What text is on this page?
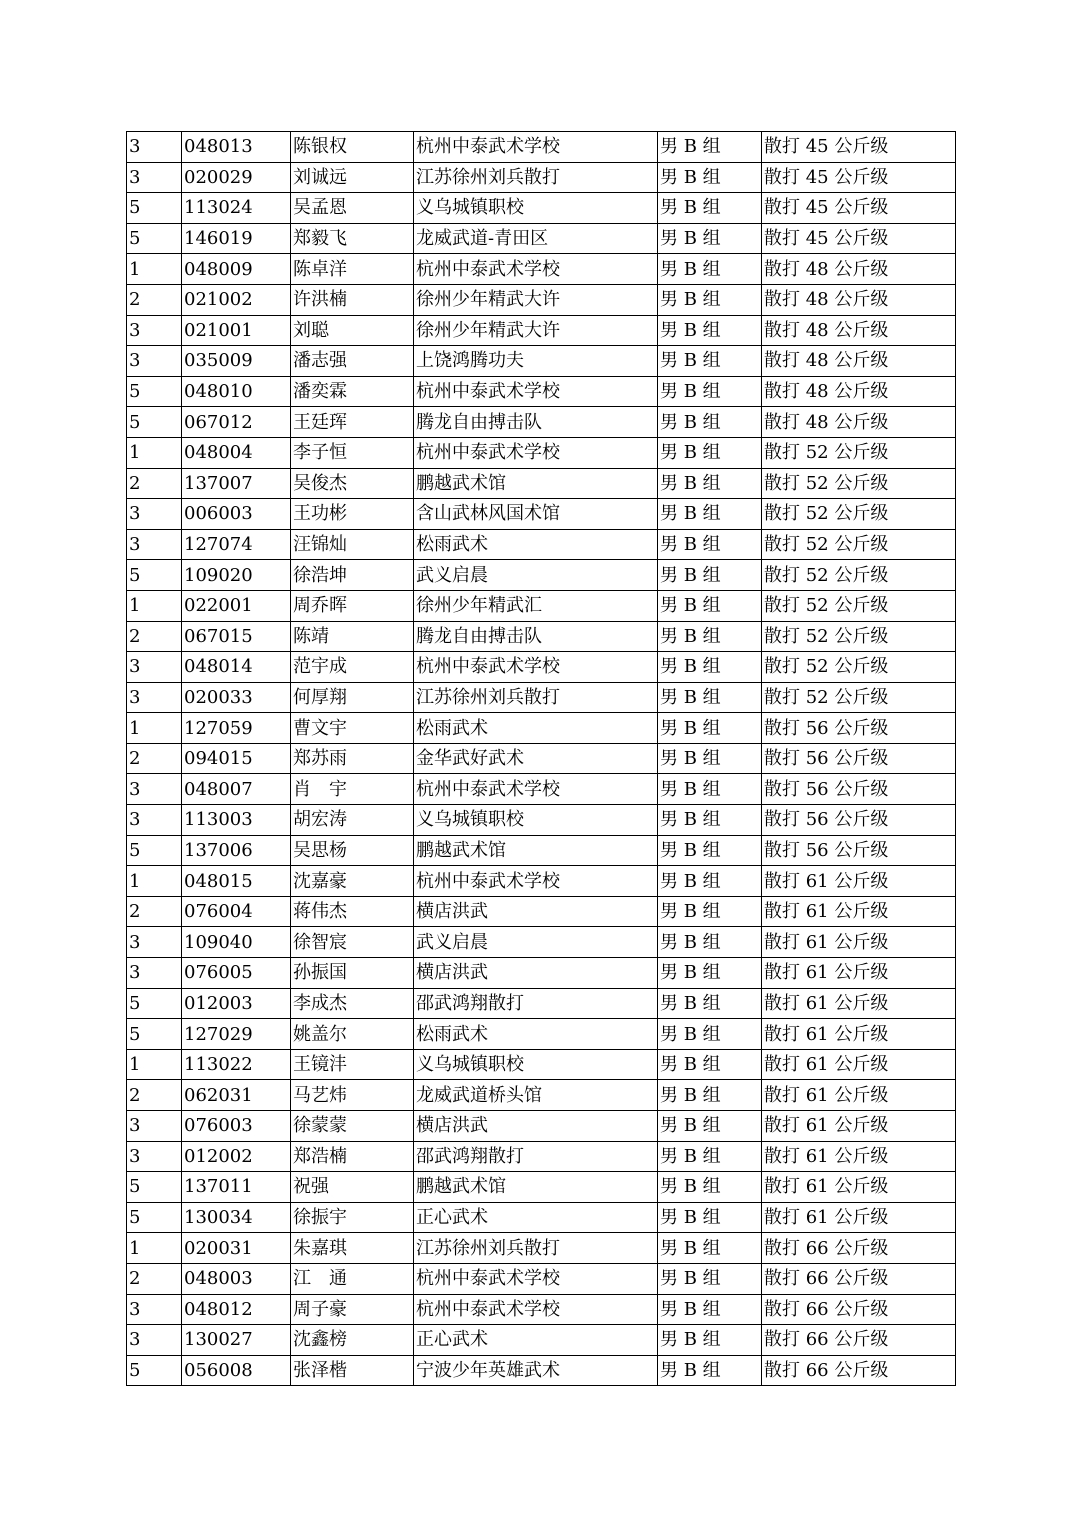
3	048013	陈银权	杭州中泰武术学校	男 B 组	散打 45 公斤级
3	020029	刘诚远	江苏徐州刘兵散打	男 B 组	散打 45 公斤级
5	113024	吴孟恩	义乌城镇职校	男 B 组	散打 45 公斤级
5	146019	郑毅飞	龙威武道-青田区	男 B 组	散打 45 公斤级
1	048009	陈卓洋	杭州中泰武术学校	男 B 组	散打 48 公斤级
2	021002	许洪楠	徐州少年精武大许	男 B 组	散打 48 公斤级
3	021001	刘聪	徐州少年精武大许	男 B 组	散打 48 公斤级
3	035009	潘志强	上饶鸿腾功夫	男 B 组	散打 48 公斤级
5	048010	潘奕霖	杭州中泰武术学校	男 B 组	散打 48 公斤级
5	067012	王廷珲	腾龙自由搏击队	男 B 组	散打 48 公斤级
1	048004	李子恒	杭州中泰武术学校	男 B 组	散打 52 公斤级
2	137007	吴俊杰	鹏越武术馆	男 B 组	散打 52 公斤级
3	006003	王功彬	含山武林风国术馆	男 B 组	散打 52 公斤级
3	127074	汪锦灿	松雨武术	男 B 组	散打 52 公斤级
5	109020	徐浩坤	武义启晨	男 B 组	散打 52 公斤级
1	022001	周乔晖	徐州少年精武汇	男 B 组	散打 52 公斤级
2	067015	陈靖	腾龙自由搏击队	男 B 组	散打 52 公斤级
3	048014	范宇成	杭州中泰武术学校	男 B 组	散打 52 公斤级
3	020033	何厚翔	江苏徐州刘兵散打	男 B 组	散打 52 公斤级
1	127059	曹文宇	松雨武术	男 B 组	散打 56 公斤级
2	094015	郑苏雨	金华武好武术	男 B 组	散打 56 公斤级
3	048007	肖　宇	杭州中泰武术学校	男 B 组	散打 56 公斤级
3	113003	胡宏涛	义乌城镇职校	男 B 组	散打 56 公斤级
5	137006	吴思杨	鹏越武术馆	男 B 组	散打 56 公斤级
1	048015	沈嘉豪	杭州中泰武术学校	男 B 组	散打 61 公斤级
2	076004	蒋伟杰	横店洪武	男 B 组	散打 61 公斤级
3	109040	徐智宸	武义启晨	男 B 组	散打 61 公斤级
3	076005	孙振国	横店洪武	男 B 组	散打 61 公斤级
5	012003	李成杰	邵武鸿翔散打	男 B 组	散打 61 公斤级
5	127029	姚盖尔	松雨武术	男 B 组	散打 61 公斤级
1	113022	王镜沣	义乌城镇职校	男 B 组	散打 61 公斤级
2	062031	马艺炜	龙威武道桥头馆	男 B 组	散打 61 公斤级
3	076003	徐蒙蒙	横店洪武	男 B 组	散打 61 公斤级
3	012002	郑浩楠	邵武鸿翔散打	男 B 组	散打 61 公斤级
5	137011	祝强	鹏越武术馆	男 B 组	散打 61 公斤级
5	130034	徐振宇	正心武术	男 B 组	散打 61 公斤级
1	020031	朱嘉琪	江苏徐州刘兵散打	男 B 组	散打 66 公斤级
2	048003	江　通	杭州中泰武术学校	男 B 组	散打 66 公斤级
3	048012	周子豪	杭州中泰武术学校	男 B 组	散打 66 公斤级
3	130027	沈鑫榜	正心武术	男 B 组	散打 66 公斤级
5	056008	张泽楷	宁波少年英雄武术	男 B 组	散打 66 公斤级
